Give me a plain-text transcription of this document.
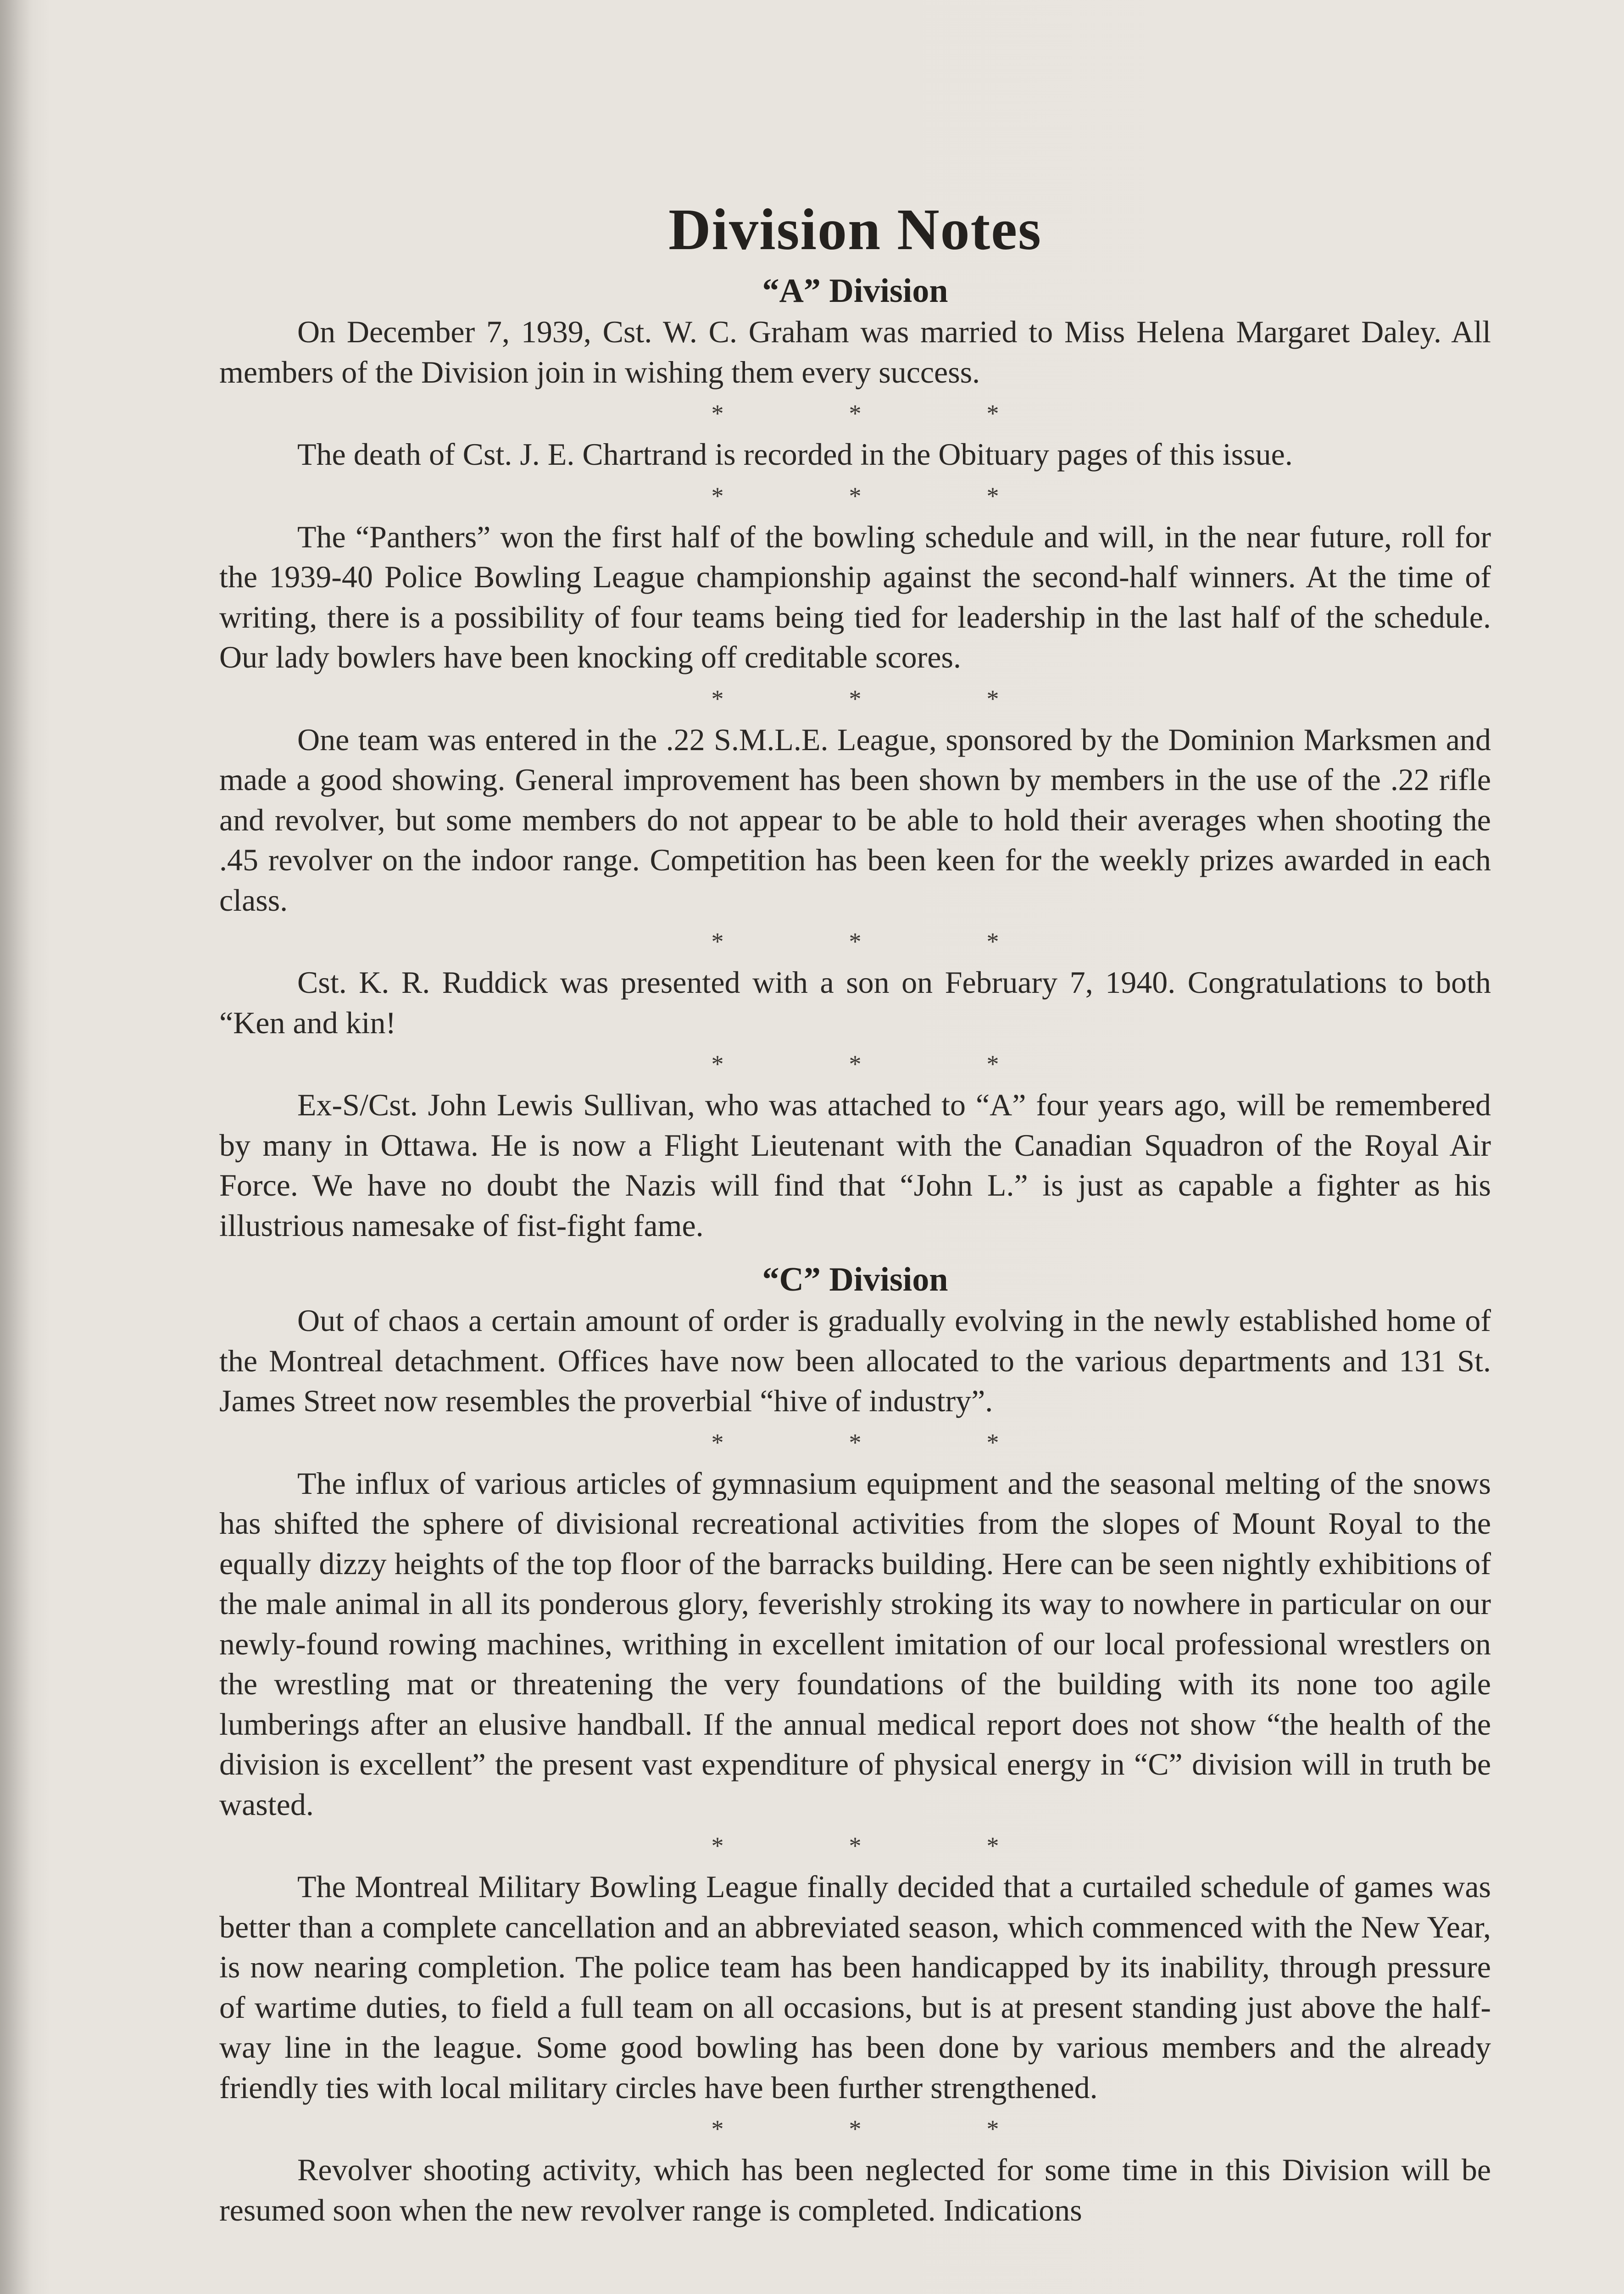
Division Notes
“A” Division

On December 7, 1939, Cst. W. C. Graham was married to Miss Helena Margaret Daley. All members of the Division join in wishing them every success.

*	*	*

The death of Cst. J. E. Chartrand is recorded in the Obituary pages of this issue.

*	*	*

The “Panthers” won the first half of the bowling schedule and will, in the near future, roll for the 1939-40 Police Bowling League championship against the second-half winners. At the time of writing, there is a possibility of four teams being tied for leadership in the last half of the schedule. Our lady bowlers have been knocking off creditable scores.

*	*	*

One team was entered in the .22 S.M.L.E. League, sponsored by the Dominion Marksmen and made a good showing. General improvement has been shown by members in the use of the .22 rifle and revolver, but some members do not appear to be able to hold their averages when shooting the .45 revolver on the indoor range. Competition has been keen for the weekly prizes awarded in each class.

*	*	*

Cst. K. R. Ruddick was presented with a son on February 7, 1940. Congratulations to both “Ken and kin!

*	*	*

Ex-S/Cst. John Lewis Sullivan, who was attached to “A” four years ago, will be remembered by many in Ottawa. He is now a Flight Lieutenant with the Canadian Squadron of the Royal Air Force. We have no doubt the Nazis will find that “John L.” is just as capable a fighter as his illustrious namesake of fist-fight fame.

“C” Division

Out of chaos a certain amount of order is gradually evolving in the newly established home of the Montreal detachment. Offices have now been allocated to the various departments and 131 St. James Street now resembles the proverbial “hive of industry”.

*	*	*

The influx of various articles of gymnasium equipment and the seasonal melting of the snows has shifted the sphere of divisional recreational activities from the slopes of Mount Royal to the equally dizzy heights of the top floor of the barracks building. Here can be seen nightly exhibitions of the male animal in all its ponderous glory, feverishly stroking its way to nowhere in particular on our newly-found rowing machines, writhing in excellent imitation of our local professional wrestlers on the wrestling mat or threatening the very foundations of the building with its none too agile lumberings after an elusive handball. If the annual medical report does not show “the health of the division is excellent” the present vast expenditure of physical energy in “C” division will in truth be wasted.

*	*	*

The Montreal Military Bowling League finally decided that a curtailed schedule of games was better than a complete cancellation and an abbreviated season, which commenced with the New Year, is now nearing completion. The police team has been handicapped by its inability, through pressure of wartime duties, to field a full team on all occasions, but is at present standing just above the half-way line in the league. Some good bowling has been done by various members and the already friendly ties with local military circles have been further strengthened.

*	*	*

Revolver shooting activity, which has been neglected for some time in this Division will be resumed soon when the new revolver range is completed. Indications
